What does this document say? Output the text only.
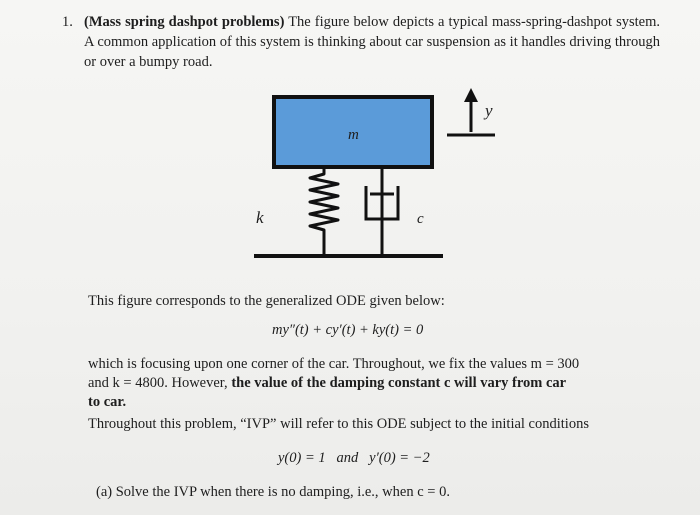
1. (Mass spring dashpot problems) The figure below depicts a typical mass-spring-dashpot system. A common application of this system is thinking about car suspension as it handles driving through or over a bumpy road.
m
k	c
y
This figure corresponds to the generalized ODE given below:
my″(t) + cy′(t) + ky(t) = 0
which is focusing upon one corner of the car. Throughout, we fix the values m = 300
and k = 4800. However, the value of the damping constant c will vary from car
to car.
Throughout this problem, “IVP” will refer to this ODE subject to the initial conditions
y(0) = 1   and   y′(0) = −2
(a) Solve the IVP when there is no damping, i.e., when c = 0.
